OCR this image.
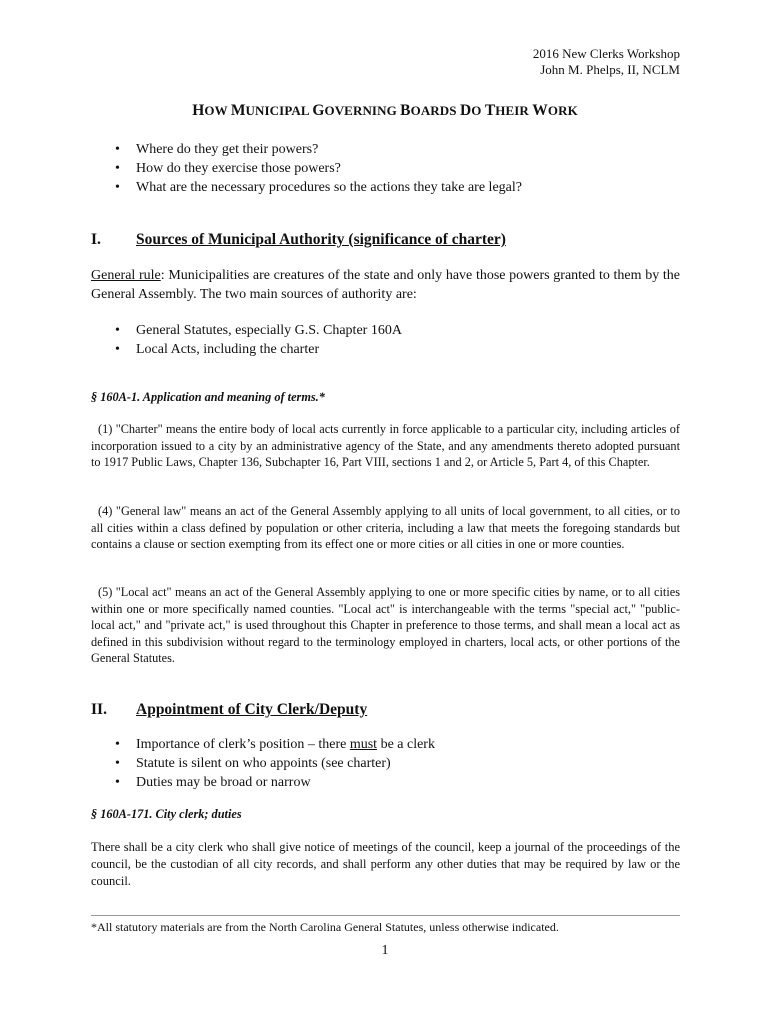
2016 New Clerks Workshop
John M. Phelps, II, NCLM
HOW MUNICIPAL GOVERNING BOARDS DO THEIR WORK
• Where do they get their powers?
• How do they exercise those powers?
• What are the necessary procedures so the actions they take are legal?
I. Sources of Municipal Authority (significance of charter)

General rule: Municipalities are creatures of the state and only have those powers granted to them by the General Assembly. The two main sources of authority are:

• General Statutes, especially G.S. Chapter 160A
• Local Acts, including the charter
§ 160A-1. Application and meaning of terms.*

(1) "Charter" means the entire body of local acts currently in force applicable to a particular city, including articles of incorporation issued to a city by an administrative agency of the State, and any amendments thereto adopted pursuant to 1917 Public Laws, Chapter 136, Subchapter 16, Part VIII, sections 1 and 2, or Article 5, Part 4, of this Chapter.

(4) "General law" means an act of the General Assembly applying to all units of local government, to all cities, or to all cities within a class defined by population or other criteria, including a law that meets the foregoing standards but contains a clause or section exempting from its effect one or more cities or all cities in one or more counties.

(5) "Local act" means an act of the General Assembly applying to one or more specific cities by name, or to all cities within one or more specifically named counties. "Local act" is interchangeable with the terms "special act," "public-local act," and "private act," is used throughout this Chapter in preference to those terms, and shall mean a local act as defined in this subdivision without regard to the terminology employed in charters, local acts, or other portions of the General Statutes.

II. Appointment of City Clerk/Deputy
• Importance of clerk’s position – there must be a clerk
• Statute is silent on who appoints (see charter)
• Duties may be broad or narrow
§ 160A-171. City clerk; duties

There shall be a city clerk who shall give notice of meetings of the council, keep a journal of the proceedings of the council, be the custodian of all city records, and shall perform any other duties that may be required by law or the council.

*All statutory materials are from the North Carolina General Statutes, unless otherwise indicated.
1
